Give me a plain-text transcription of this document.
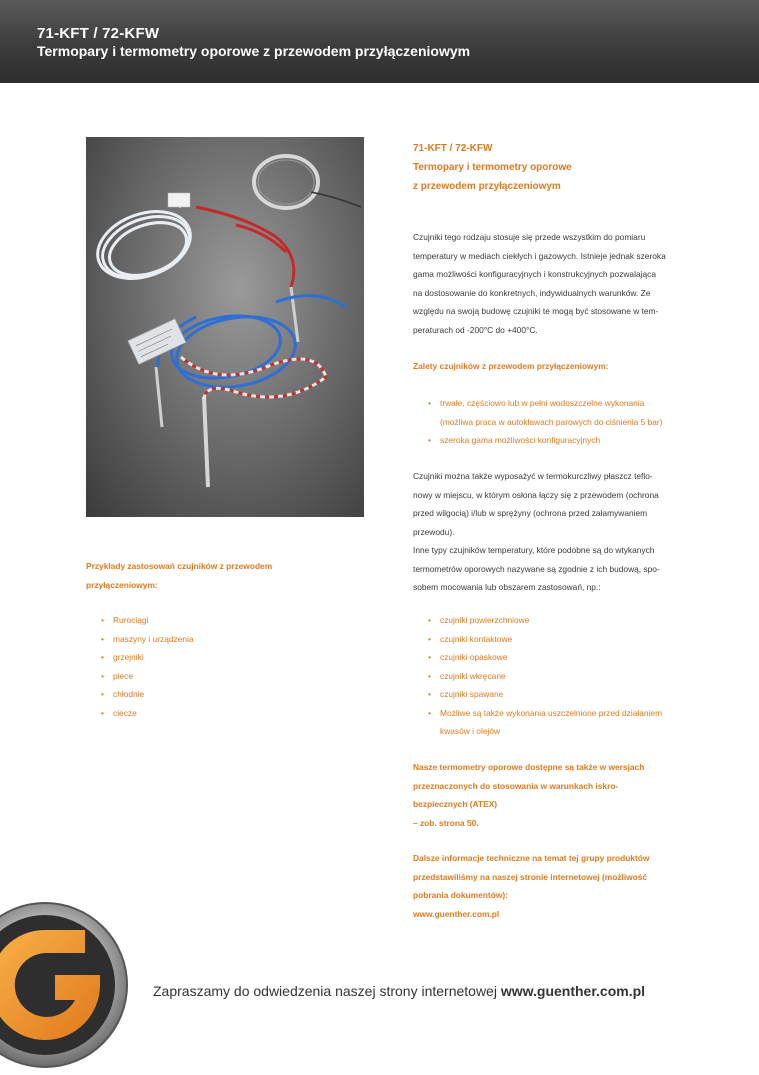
71-KFT / 72-KFW
Termopary i termometry oporowe z przewodem przyłączeniowym
71-KFT / 72-KFW
Termopary i termometry oporowe
z przewodem przyłączeniowym
Czujniki tego rodzaju stosuje się przede wszystkim do pomiaru
temperatury w mediach ciekłych i gazowych. Istnieje jednak szeroka
gama możliwości konfiguracyjnych i konstrukcyjnych pozwalająca
na dostosowanie do konkretnych, indywidualnych warunków. Ze
względu na swoją budowę czujniki te mogą być stosowane w tem-
peraturach od -200°C do +400°C.
Zalety czujników z przewodem przyłączeniowym:
• trwałe, częściowo lub w pełni wodoszczelne wykonania
(możliwa praca w autoklawach parowych do ciśnienia 5 bar)
• szeroka gama możliwości konfiguracyjnych
Czujniki można także wyposażyć w termokurczliwy płaszcz teflo-
nowy w miejscu, w którym osłona łączy się z przewodem (ochrona
przed wilgocią) i/lub w sprężyny (ochrona przed załamywaniem
przewodu).
Inne typy czujników temperatury, które podobne są do wtykanych
termometrów oporowych nazywane są zgodnie z ich budową, spo-
sobem mocowania lub obszarem zastosowań, np.:
• czujniki powierzchniowe
• czujniki kontaktowe
• czujniki opaskowe
• czujniki wkręcane
• czujniki spawane
• Możliwe są także wykonania uszczelnione przed działaniem
kwasów i olejów
Nasze termometry oporowe dostępne są także w wersjach
przeznaczonych do stosowania w warunkach iskro-
bezpiecznych (ATEX)
– zob. strona 50.
Dalsze informacje techniczne na temat tej grupy produktów
przedstawiliśmy na naszej stronie internetowej (możliwość
pobrania dokumentów):
www.guenther.com.pl
Przykłady zastosowań czujników z przewodem
przyłączeniowym:
• Rurociągi
• maszyny i urządzenia
• grzejniki
• piece
• chłodnie
• ciecze
Zapraszamy do odwiedzenia naszej strony internetowej www.guenther.com.pl
